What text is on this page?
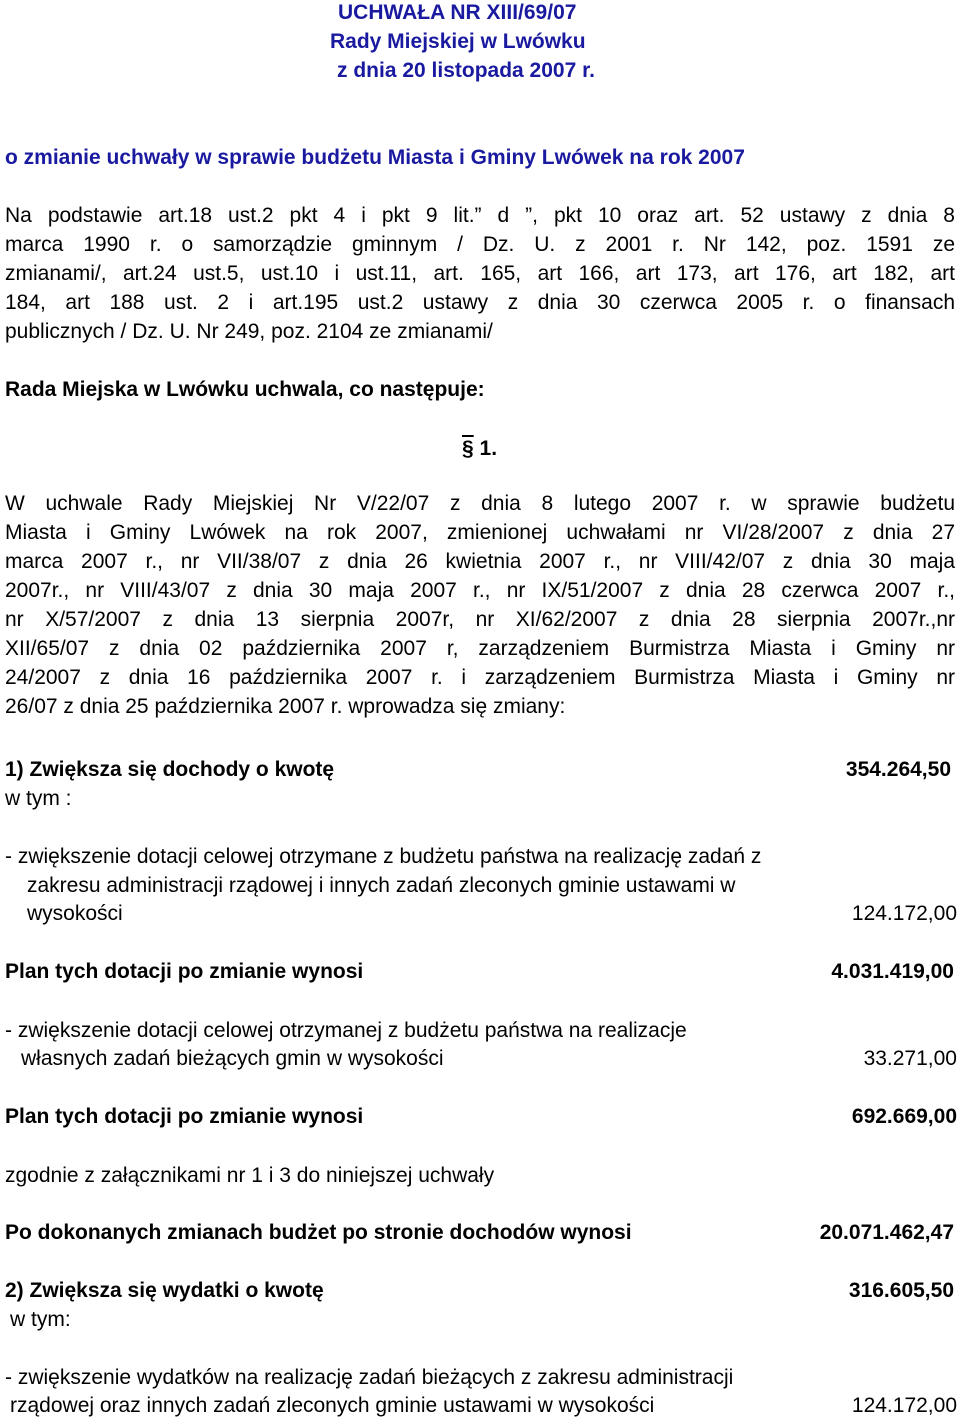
UCHWAŁA NR XIII/69/07
Rady Miejskiej w Lwówku
z dnia 20 listopada 2007 r.
o zmianie uchwały w sprawie budżetu Miasta i Gminy Lwówek na rok 2007
Na podstawie art.18 ust.2 pkt 4 i pkt 9 lit.” d ”, pkt 10 oraz art. 52 ustawy z dnia 8
marca 1990 r. o samorządzie gminnym / Dz. U. z 2001 r. Nr 142, poz. 1591 ze
zmianami/, art.24 ust.5, ust.10 i ust.11, art. 165, art 166, art 173, art 176, art 182, art
184, art 188 ust. 2 i art.195 ust.2 ustawy z dnia 30 czerwca 2005 r. o finansach
publicznych / Dz. U. Nr 249, poz. 2104 ze zmianami/
Rada Miejska w Lwówku uchwala, co następuje:
§ 1.
W uchwale Rady Miejskiej Nr V/22/07 z dnia 8 lutego 2007 r. w sprawie budżetu
Miasta i Gminy Lwówek na rok 2007, zmienionej uchwałami nr VI/28/2007 z dnia 27
marca 2007 r., nr VII/38/07 z dnia 26 kwietnia 2007 r., nr VIII/42/07 z dnia 30 maja
2007r., nr VIII/43/07 z dnia 30 maja 2007 r., nr IX/51/2007 z dnia 28 czerwca 2007 r.,
nr X/57/2007 z dnia 13 sierpnia 2007r, nr XI/62/2007 z dnia 28 sierpnia 2007r.,nr
XII/65/07 z dnia 02 października 2007 r, zarządzeniem Burmistrza Miasta i Gminy nr
24/2007 z dnia 16 października 2007 r. i zarządzeniem Burmistrza Miasta i Gminy nr
26/07 z dnia 25 października 2007 r. wprowadza się zmiany:
1) Zwiększa się dochody o kwotę	354.264,50
w tym :
- zwiększenie dotacji celowej otrzymane z budżetu państwa na realizację zadań z
zakresu administracji rządowej i innych zadań zleconych gminie ustawami w
wysokości	124.172,00
Plan tych dotacji po zmianie wynosi	4.031.419,00
- zwiększenie dotacji celowej otrzymanej z budżetu państwa na realizacje
własnych zadań bieżących gmin w wysokości	33.271,00
Plan tych dotacji po zmianie wynosi	692.669,00
zgodnie z załącznikami nr 1 i 3 do niniejszej uchwały
Po dokonanych zmianach budżet po stronie dochodów wynosi	20.071.462,47
2) Zwiększa się wydatki o kwotę	316.605,50
w tym:
- zwiększenie wydatków na realizację zadań bieżących z zakresu administracji
rządowej oraz innych zadań zleconych gminie ustawami w wysokości	124.172,00
